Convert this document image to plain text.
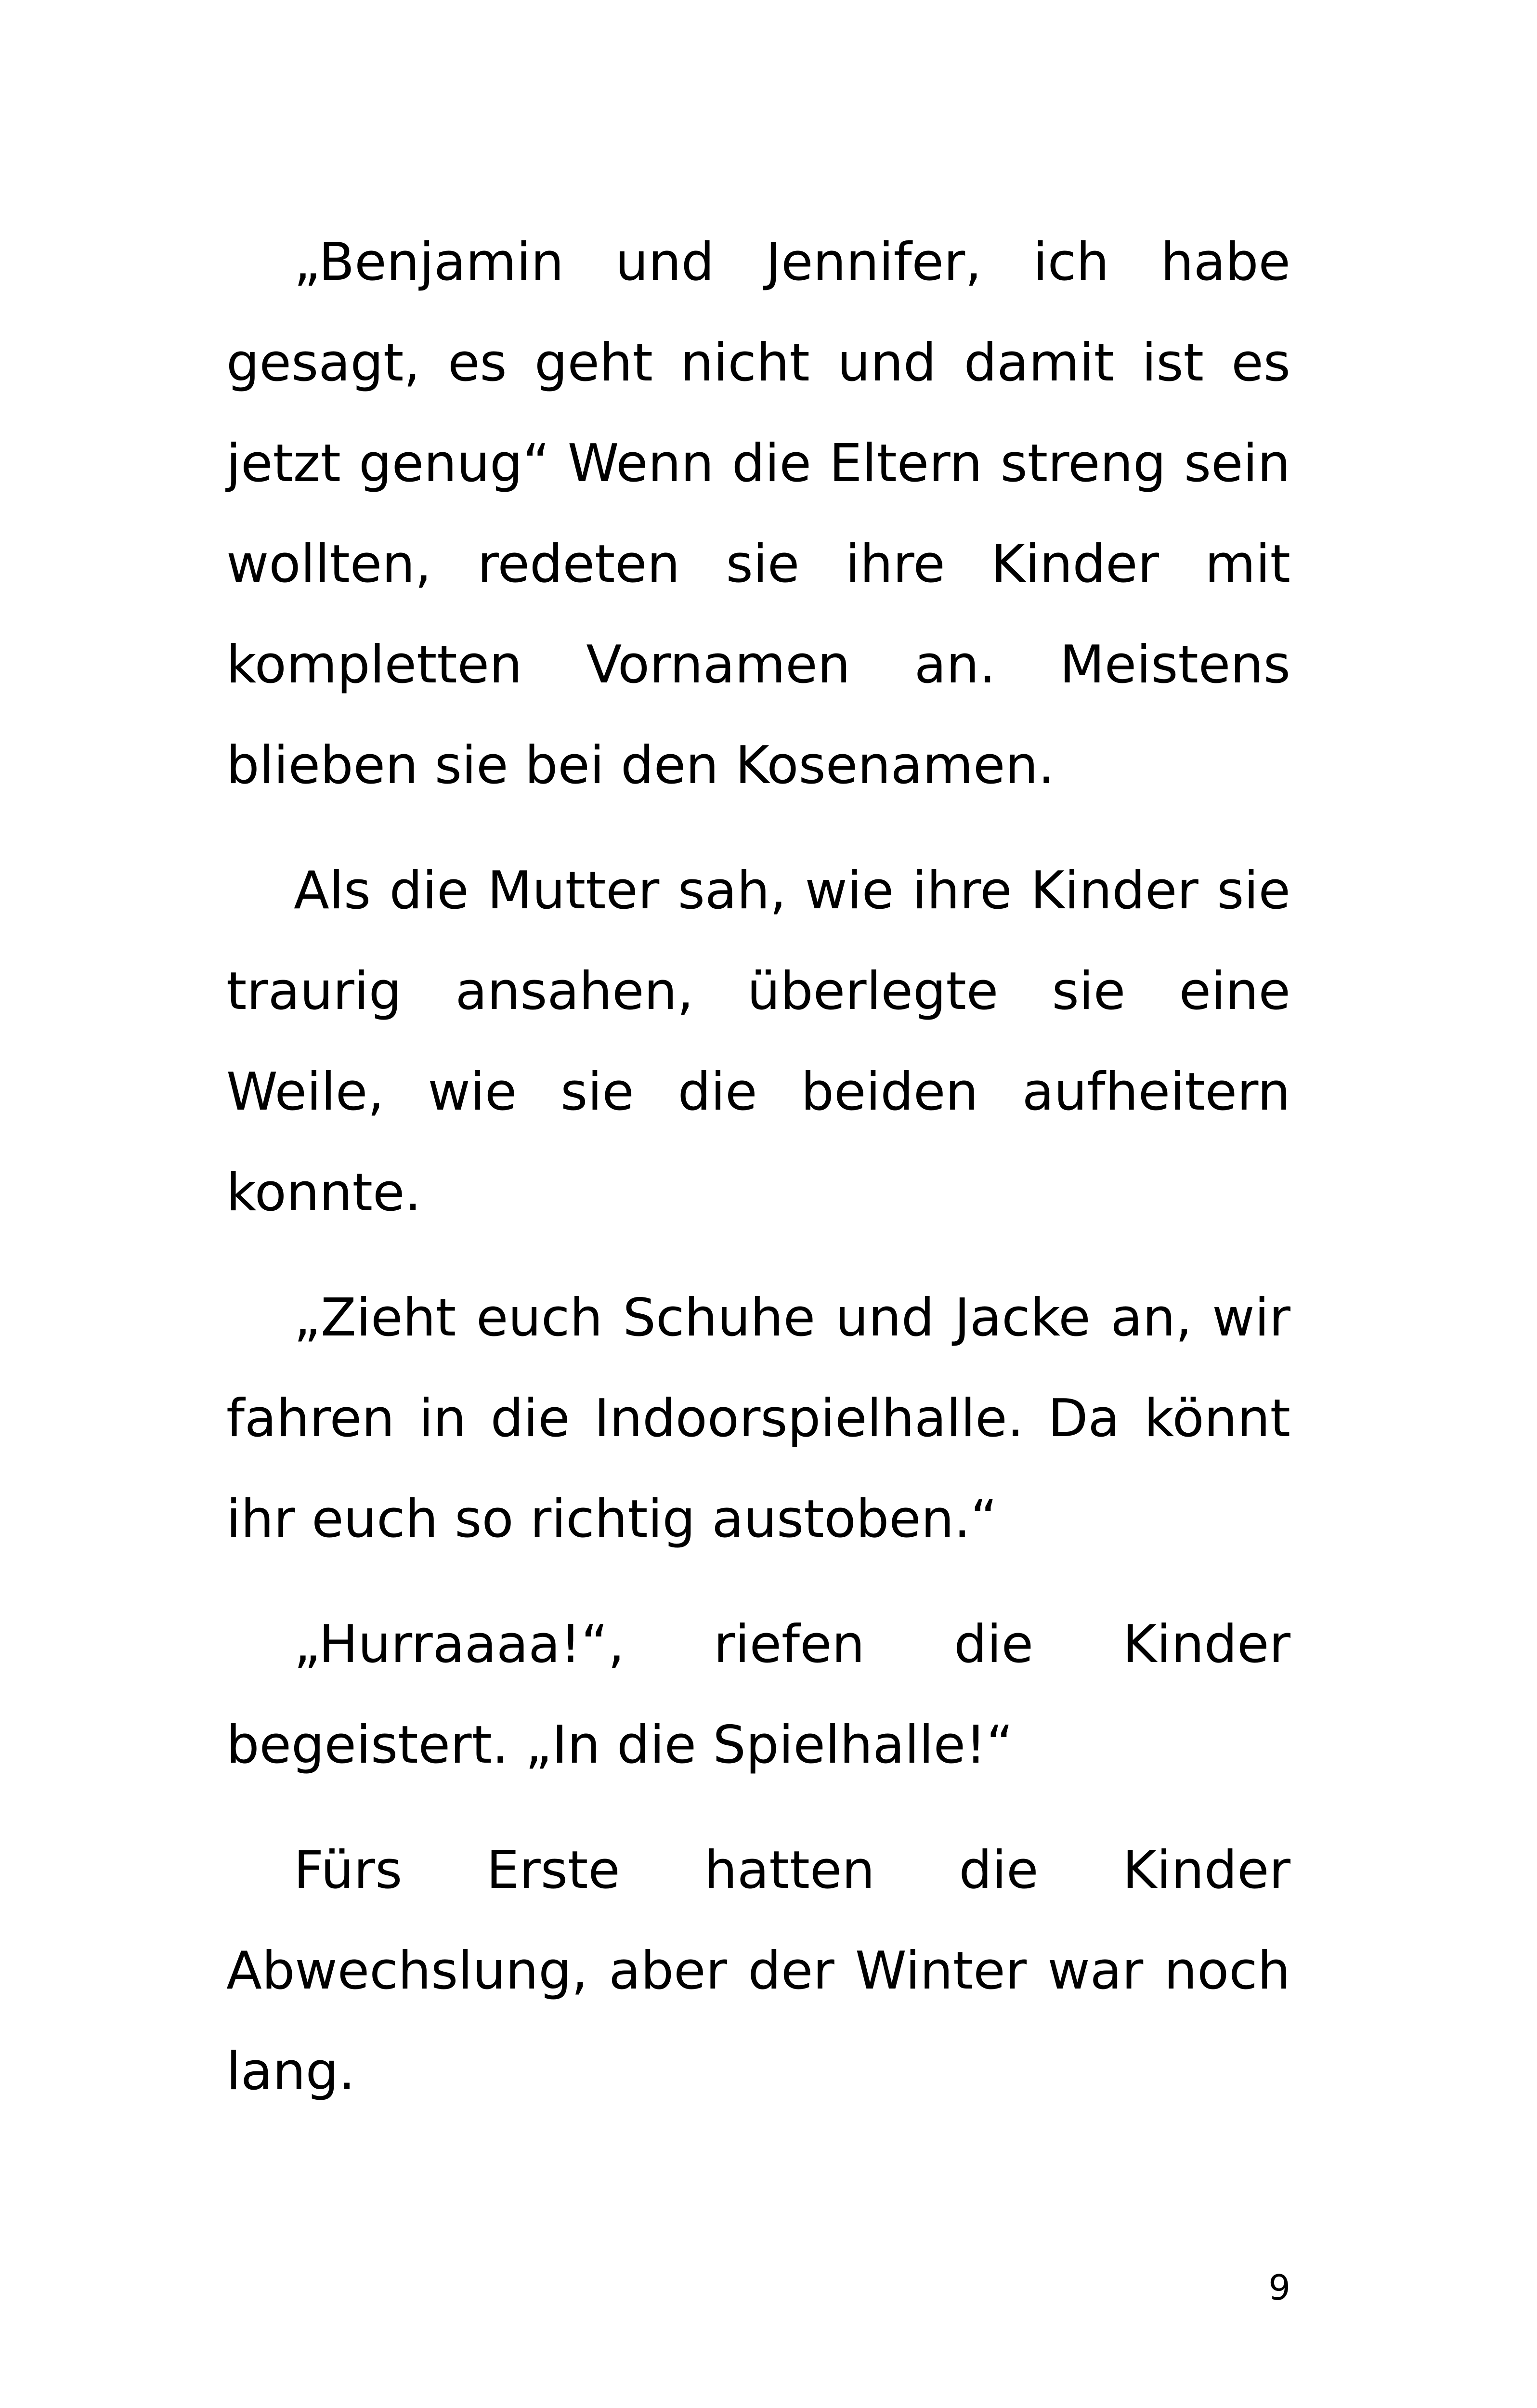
„Benjamin und Jennifer, ich habe gesagt, es geht nicht und damit ist es jetzt genug“ Wenn die Eltern streng sein wollten, redeten sie ihre Kinder mit kompletten Vornamen an. Meistens blieben sie bei den Kosenamen.

Als die Mutter sah, wie ihre Kinder sie traurig ansahen, überlegte sie eine Weile, wie sie die beiden aufheitern konnte.

„Zieht euch Schuhe und Jacke an, wir fahren in die Indoorspielhalle. Da könnt ihr euch so richtig austoben.“

„Hurraaaa!“, riefen die Kinder begeistert. „In die Spielhalle!“

Fürs Erste hatten die Kinder Abwechslung, aber der Winter war noch lang.

9
